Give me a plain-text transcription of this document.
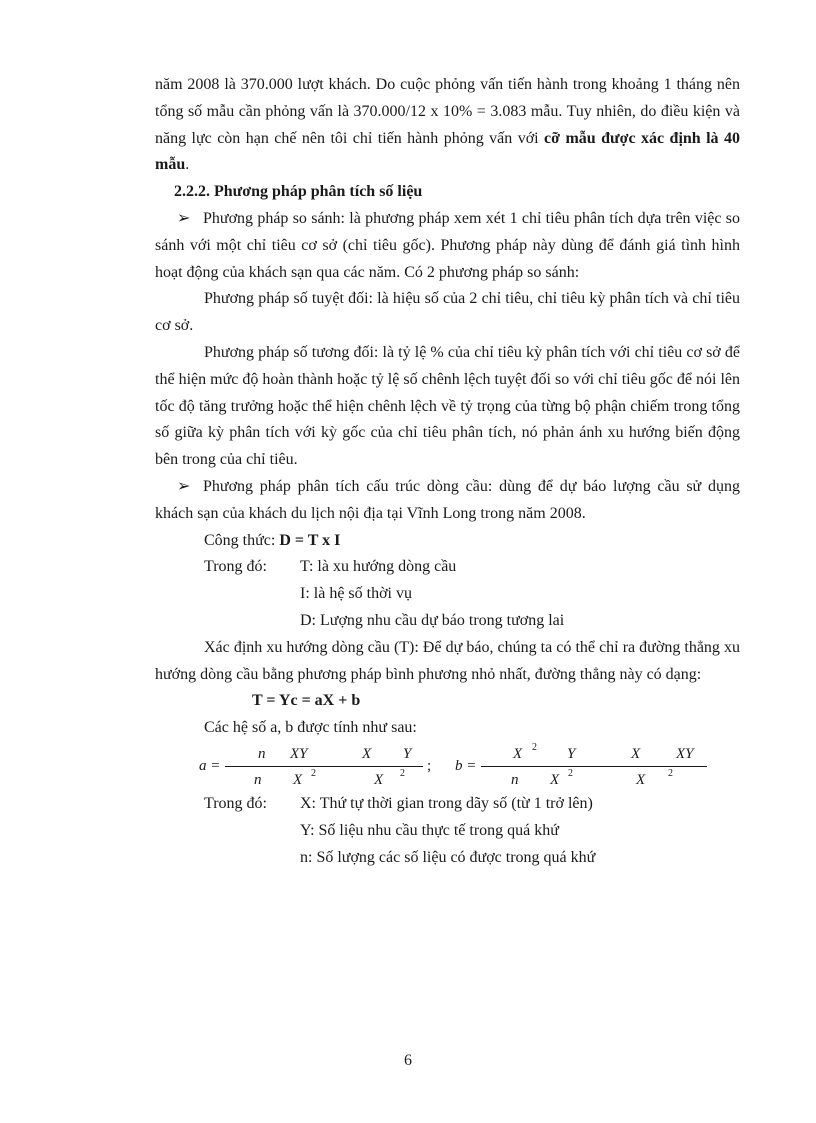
năm 2008 là 370.000 lượt khách. Do cuộc phỏng vấn tiến hành trong khoảng 1 tháng nên tổng số mẫu cần phỏng vấn là 370.000/12 x 10% = 3.083 mẫu. Tuy nhiên, do điều kiện và năng lực còn hạn chế nên tôi chỉ tiến hành phỏng vấn với cỡ mẫu được xác định là 40 mẫu.

2.2.2. Phương pháp phân tích số liệu

➢ Phương pháp so sánh: là phương pháp xem xét 1 chỉ tiêu phân tích dựa trên việc so sánh với một chỉ tiêu cơ sở (chỉ tiêu gốc). Phương pháp này dùng để đánh giá tình hình hoạt động của khách sạn qua các năm. Có 2 phương pháp so sánh:

Phương pháp số tuyệt đối: là hiệu số của 2 chỉ tiêu, chỉ tiêu kỳ phân tích và chỉ tiêu cơ sở.

Phương pháp số tương đối: là tỷ lệ % của chỉ tiêu kỳ phân tích với chỉ tiêu cơ sở để thể hiện mức độ hoàn thành hoặc tỷ lệ số chênh lệch tuyệt đối so với chỉ tiêu gốc để nói lên tốc độ tăng trưởng hoặc thể hiện chênh lệch về tỷ trọng của từng bộ phận chiếm trong tổng số giữa kỳ phân tích với kỳ gốc của chỉ tiêu phân tích, nó phản ánh xu hướng biến động bên trong của chỉ tiêu.

➢ Phương pháp phân tích cấu trúc dòng cầu: dùng để dự báo lượng cầu sử dụng khách sạn của khách du lịch nội địa tại Vĩnh Long trong năm 2008.

Công thức: D = T x I

Trong đó:	T: là xu hướng dòng cầu

I: là hệ số thời vụ

D: Lượng nhu cầu dự báo trong tương lai

Xác định xu hướng dòng cầu (T): Để dự báo, chúng ta có thể chỉ ra đường thẳng xu hướng dòng cầu bằng phương pháp bình phương nhỏ nhất, đường thẳng này có dạng:

T = Yc = aX + b

Các hệ số a, b được tính như sau:

a =
n XY	X Y
n X 2	X 2 ; b =
X 2 Y	X XY
n X 2	X 2
Trong đó:	X: Thứ tự thời gian trong dãy số (từ 1 trở lên)

Y: Số liệu nhu cầu thực tế trong quá khứ

n: Số lượng các số liệu có được trong quá khứ

6
